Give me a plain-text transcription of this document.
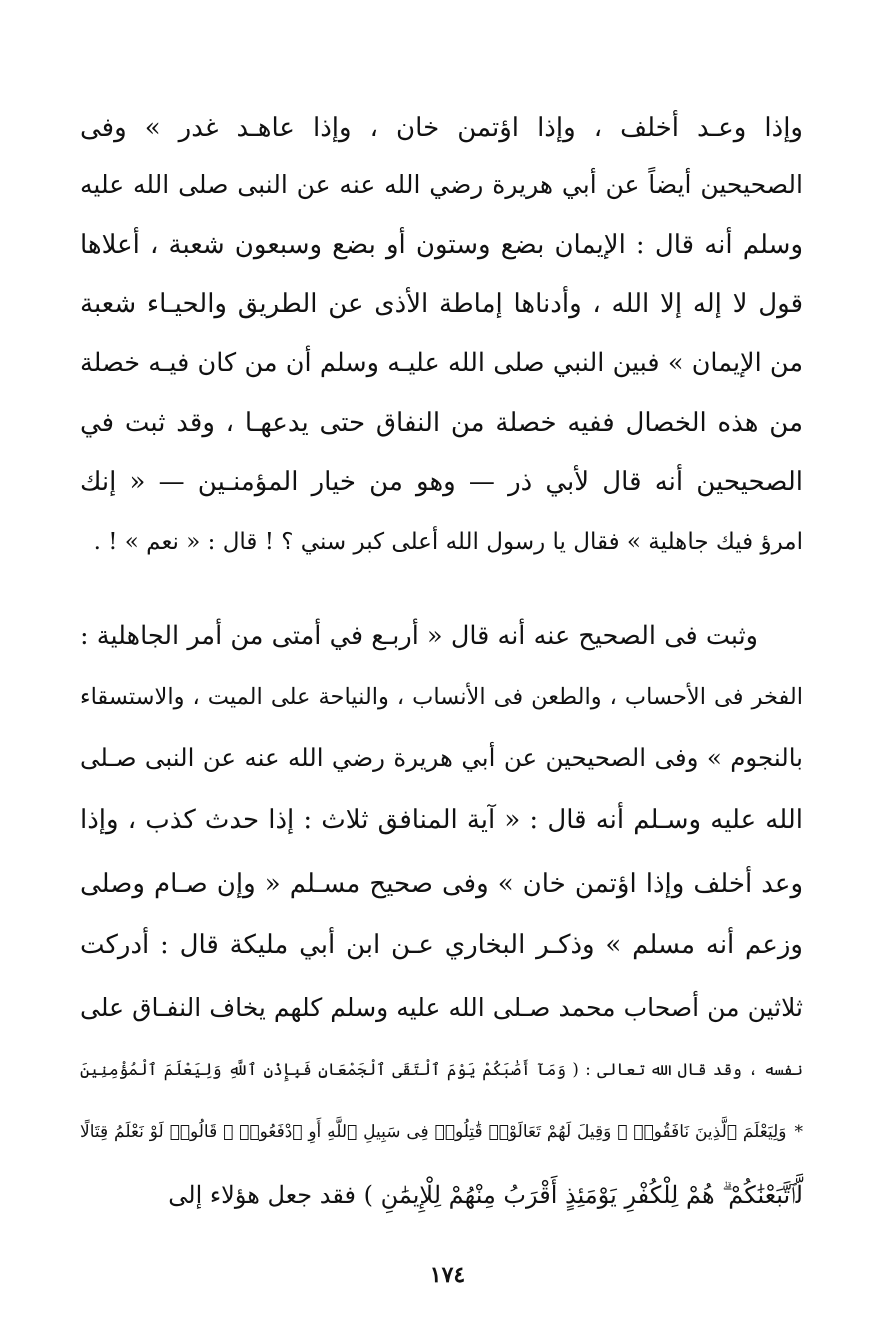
وإذا وعـد أخلف ، وإذا اؤتمن خان ، وإذا عاهـد غدر » وفى
الصحيحين أيضاً عن أبي هريرة رضي الله عنه عن النبى صلى الله عليه
وسلم أنه قال : الإيمان بضع وستون أو بضع وسبعون شعبة ، أعلاها
قول لا إله إلا الله ، وأدناها إماطة الأذى عن الطريق والحيـاء شعبة
من الإيمان » فبين النبي صلى الله عليـه وسلم أن من كان فيـه خصلة
من هذه الخصال ففيه خصلة من النفاق حتى يدعهـا ، وقد ثبت في
الصحيحين أنه قال لأبي ذر — وهو من خيار المؤمنـين — « إنك
امرؤ فيك جاهلية » فقال يا رسول الله أعلى كبر سني ؟ ! قال : « نعم » ! .
وثبت فى الصحيح عنه أنه قال « أربـع في أمتى من أمر الجاهلية :
الفخر فى الأحساب ، والطعن فى الأنساب ، والنياحة على الميت ، والاستسقاء
بالنجوم » وفى الصحيحين عن أبي هريرة رضي الله عنه عن النبى صـلى
الله عليه وسـلم أنه قال : « آية المنافق ثلاث : إذا حدث كذب ، وإذا
وعد أخلف وإذا اؤتمن خان » وفى صحيح مسـلم « وإن صـام وصلى
وزعم أنه مسلم » وذكـر البخاري عـن ابن أبي مليكة قال : أدركت
ثلاثين من أصحاب محمد صـلى الله عليه وسلم كلهم يخاف النفـاق على
نفسه ، وقد قال الله تعالى : ( وَمَآ أَصَٰبَكُمْ يَوْمَ ٱلْتَقَى ٱلْجَمْعَانِ فَبِإِذْنِ ٱللَّهِ وَلِيَعْلَمَ ٱلْمُؤْمِنِينَ
*وَلِيَعْلَمَ ٱلَّذِينَ نَافَقُوا۟ ۚ وَقِيلَ لَهُمْ تَعَالَوْا۟ قَٰتِلُوا۟ فِى سَبِيلِ ٱللَّهِ أَوِ ٱدْفَعُوا۟ ۖ قَالُوا۟ لَوْ نَعْلَمُ قِتَالًا
لَّٱتَّبَعْنَٰكُمْ ۗ هُمْ لِلْكُفْرِ يَوْمَئِذٍ أَقْرَبُ مِنْهُمْ لِلْإِيمَٰنِ ) فقد جعل هؤلاء إلى
١٧٤
